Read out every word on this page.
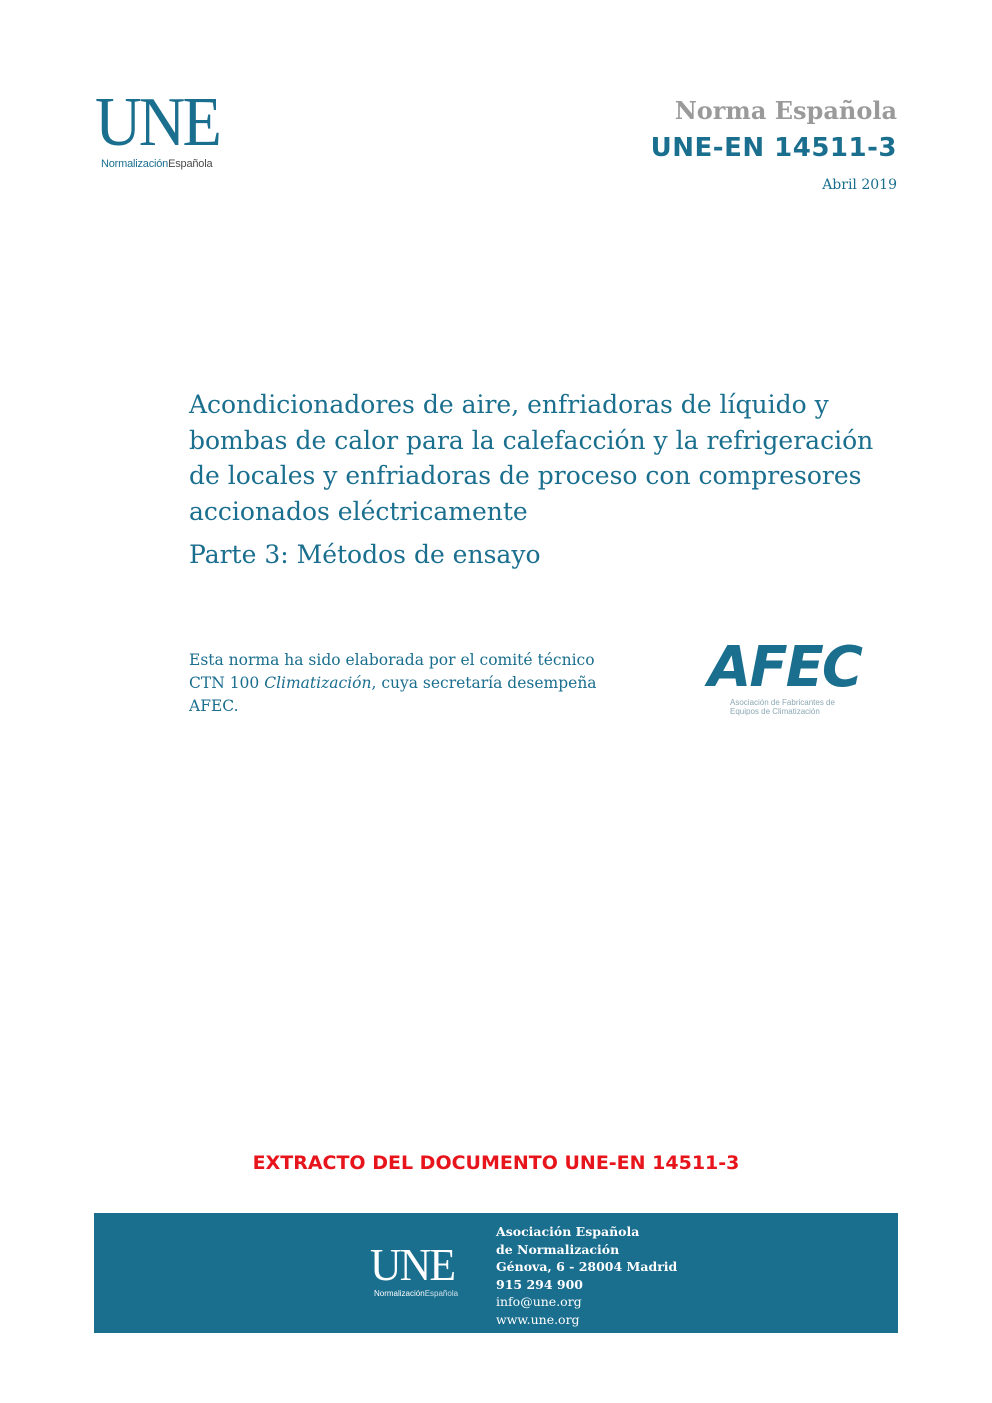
UNE
NormalizaciónEspañola
Norma Española
UNE-EN 14511-3
Abril 2019
Acondicionadores de aire, enfriadoras de líquido y
bombas de calor para la calefacción y la refrigeración
de locales y enfriadoras de proceso con compresores
accionados eléctricamente
Parte 3: Métodos de ensayo
Esta norma ha sido elaborada por el comité técnico
CTN 100 Climatización, cuya secretaría desempeña
AFEC.
AFEC
Asociación de Fabricantes de
Equipos de Climatización
EXTRACTO DEL DOCUMENTO UNE-EN 14511-3
UNE
NormalizaciónEspañola
Asociación Española
de Normalización
Génova, 6 - 28004 Madrid
915 294 900
info@une.org
www.une.org
